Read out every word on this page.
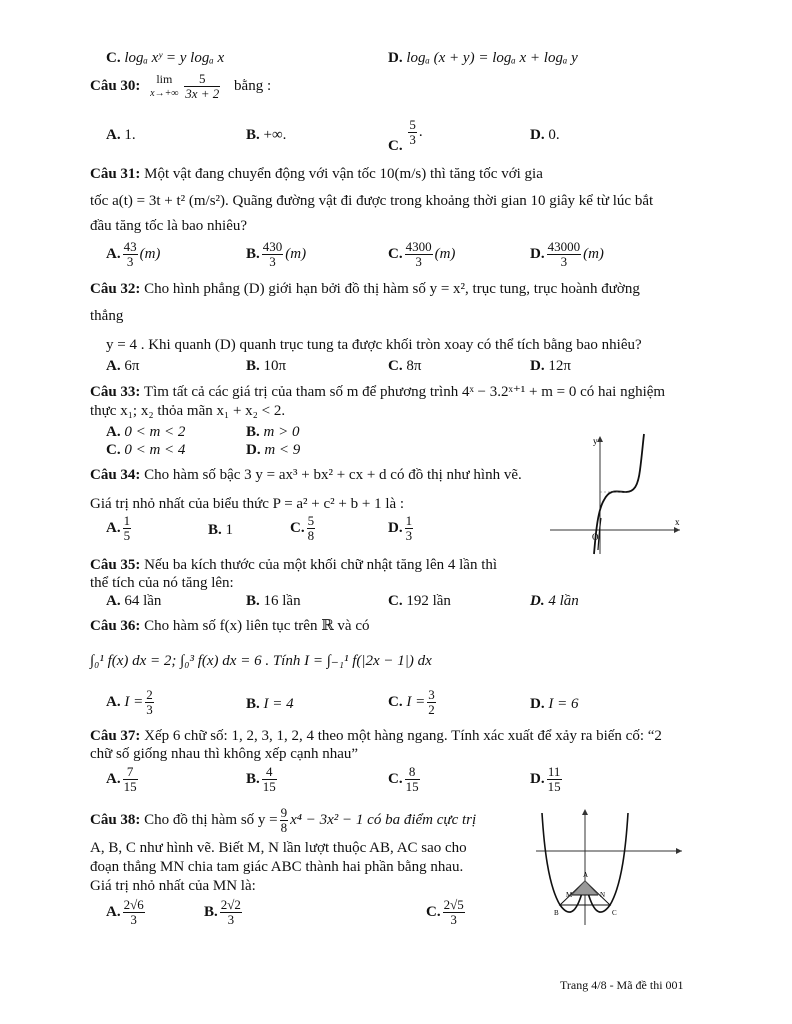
C. logₐ xʸ = y logₐ x	D. logₐ (x + y) = logₐ x + logₐ y
Câu 30: lim
$x\to+\infty \frac{5}{3x + 2}$ bằng :
A. 1.	B. +∞.
C. $\frac{5}{3}$ .	D. 0.
Câu 31: Một vật đang chuyển động với vận tốc 10(m/s) thì tăng tốc với gia
tốc a(t) = 3t + t² (m/s²). Quãng đường vật đi được trong khoảng thời gian 10 giây kể từ lúc bắt
đầu tăng tốc là bao nhiêu?
A. $\frac{43}{3} (m)$	B. $\frac{430}{3} (m)$	C. $\frac{4300}{3} (m)$	D. $\frac{43000}{3} (m)$
Câu 32: Cho hình phẳng (D) giới hạn bởi đồ thị hàm số y = x², trục tung, trục hoành đường
thẳng
y = 4 . Khi quanh (D) quanh trục tung ta được khối tròn xoay có thể tích bằng bao nhiêu?
A. 6π	B. 10π	C. 8π	D. 12π
Câu 33: Tìm tất cả các giá trị của tham số m để phương trình 4ˣ − 3.2ˣ⁺¹ + m = 0 có hai nghiệm
thực x₁; x₂ thỏa mãn x₁ + x₂ < 2.
A. 0 < m < 2	B. m > 0
C. 0 < m < 4	D. m < 9
Câu 34: Cho hàm số bậc 3 y = ax³ + bx² + cx + d có đồ thị như hình vẽ.
Giá trị nhỏ nhất của biểu thức P = a² + c² + b + 1 là :
A. $\frac{1}{5}$	B. 1	C. $\frac{5}{8}$	D. $\frac{1}{3}$
y
x
O
Câu 35: Nếu ba kích thước của một khối chữ nhật tăng lên 4 lần thì
thể tích của nó tăng lên:
A. 64 lần	B. 16 lần	C. 192 lần	D. 4 lần
Câu 36: Cho hàm số f(x) liên tục trên ℝ và có
∫₀¹ f(x) dx = 2; ∫₀³ f(x) dx = 6 . Tính I = ∫₋₁¹ f(|2x − 1|) dx
A. $I = \frac{2}{3}$	B. I = 4	C. $I = \frac{3}{2}$	D. I = 6
Câu 37: Xếp 6 chữ số: 1, 2, 3, 1, 2, 4 theo một hàng ngang. Tính xác xuất để xảy ra biến cố: “2
chữ số giống nhau thì không xếp cạnh nhau”
A. $\frac{7}{15}$	B. $\frac{4}{15}$	C. $\frac{8}{15}$	D. $\frac{11}{15}$
Câu 38: Cho đồ thị hàm số $y = \frac{9}{8} x^4 - 3x^2 - 1$ có ba điểm cực trị
A, B, C như hình vẽ. Biết M, N lần lượt thuộc AB, AC sao cho
đoạn thẳng MN chia tam giác ABC thành hai phần bằng nhau.
Giá trị nhỏ nhất của MN là:
A. $\frac{2√6}{3}$	B. $\frac{2√2}{3}$	C. $\frac{2√5}{3}$
A
B	C
M	N
Trang 4/8 - Mã đề thi 001
